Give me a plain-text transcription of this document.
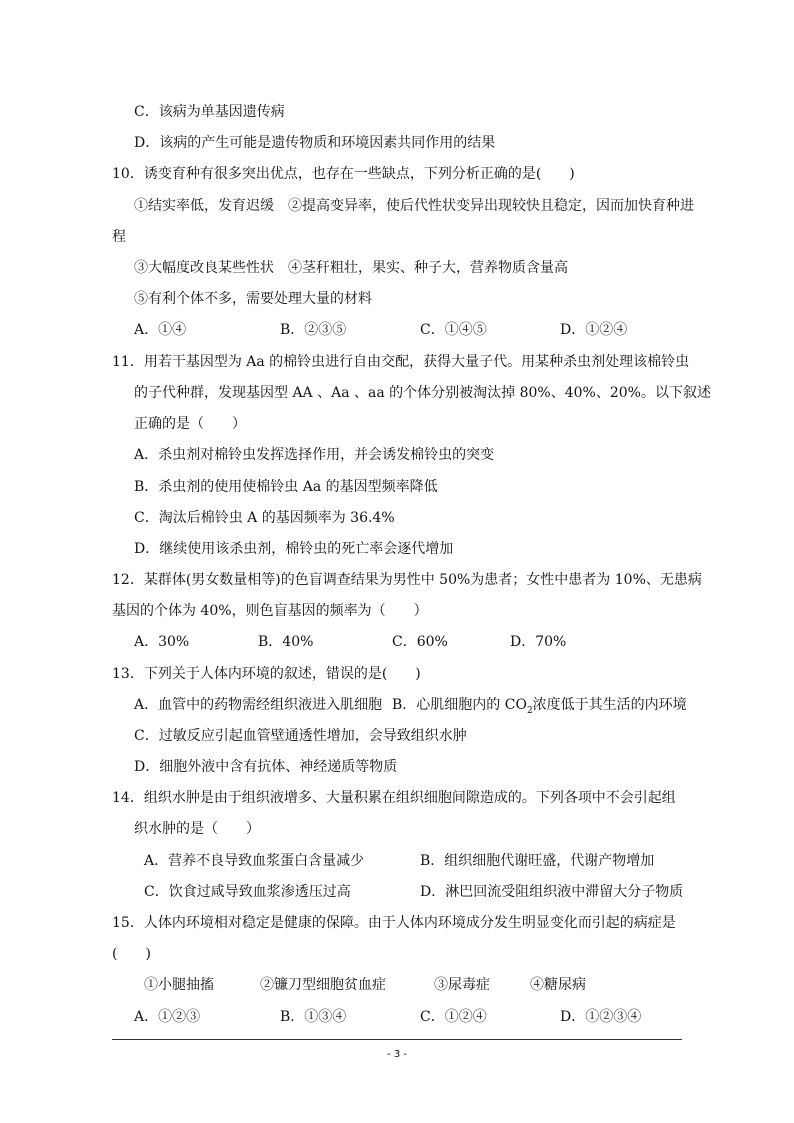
C．该病为单基因遗传病
D．该病的产生可能是遗传物质和环境因素共同作用的结果
10．诱变育种有很多突出优点，也存在一些缺点，下列分析正确的是(　　)
①结实率低，发育迟缓　②提高变异率，使后代性状变异出现较快且稳定，因而加快育种进
程
③大幅度改良某些性状　④茎秆粗壮，果实、种子大，营养物质含量高
⑤有利个体不多，需要处理大量的材料
A．①④	B．②③⑤	C．①④⑤	D．①②④
11．用若干基因型为 Aa 的棉铃虫进行自由交配，获得大量子代。用某种杀虫剂处理该棉铃虫
的子代种群，发现基因型 AA 、Aa 、aa 的个体分别被淘汰掉 80%、40%、20%。以下叙述
正确的是（　　）
A．杀虫剂对棉铃虫发挥选择作用，并会诱发棉铃虫的突变
B．杀虫剂的使用使棉铃虫 Aa 的基因型频率降低
C．淘汰后棉铃虫 A 的基因频率为 36.4%
D．继续使用该杀虫剂，棉铃虫的死亡率会逐代增加
12．某群体(男女数量相等)的色盲调查结果为男性中 50%为患者；女性中患者为 10%、无患病
基因的个体为 40%，则色盲基因的频率为（　　）
A．30%	B．40%	C．60%	D．70%
13．下列关于人体内环境的叙述，错误的是(　　)
A．血管中的药物需经组织液进入肌细胞 B．心肌细胞内的 $CO_2$浓度低于其生活的内环境
C．过敏反应引起血管壁通透性增加，会导致组织水肿
D．细胞外液中含有抗体、神经递质等物质
14．组织水肿是由于组织液增多、大量积累在组织细胞间隙造成的。下列各项中不会引起组
织水肿的是（　　）
A．营养不良导致血浆蛋白含量减少	B．组织细胞代谢旺盛，代谢产物增加
C．饮食过咸导致血浆渗透压过高	D．淋巴回流受阻组织液中滞留大分子物质
15．人体内环境相对稳定是健康的保障。由于人体内环境成分发生明显变化而引起的病症是
(　　)
①小腿抽搐	②镰刀型细胞贫血症	③尿毒症	④糖尿病
A．①②③	B．①③④	C．①②④	D．①②③④
- 3 -
